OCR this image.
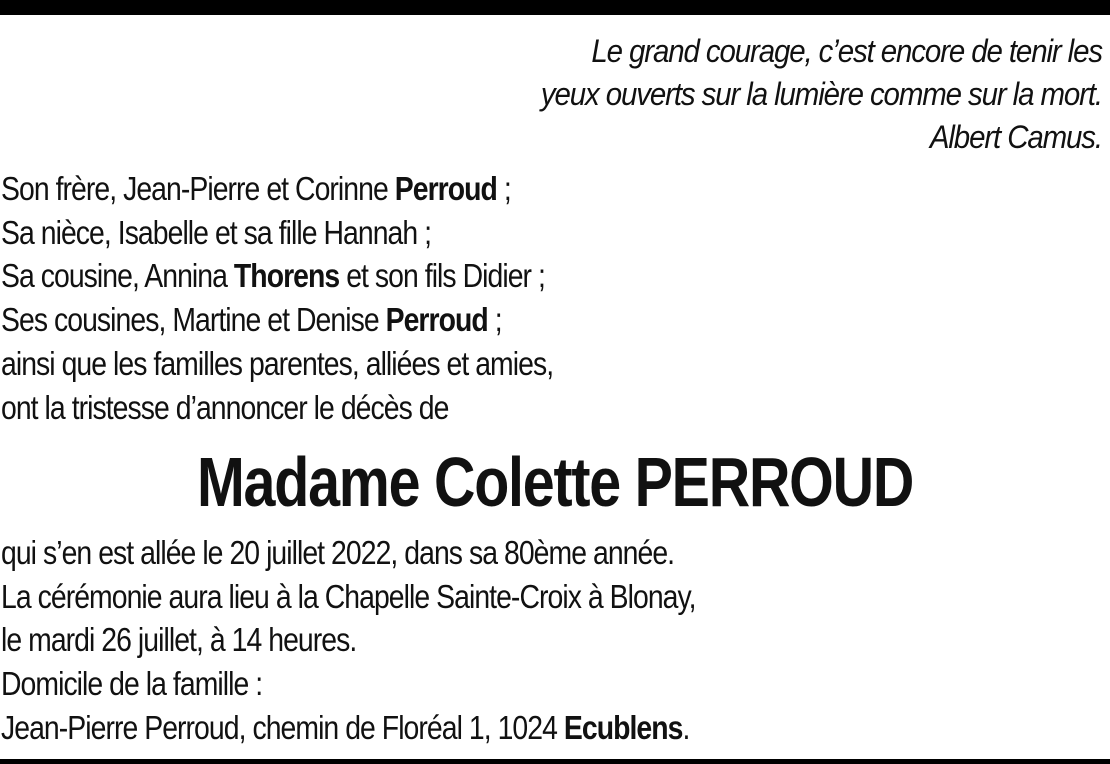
Le grand courage, c’est encore de tenir les
yeux ouverts sur la lumière comme sur la mort.
Albert Camus.
Son frère, Jean-Pierre et Corinne Perroud ;
Sa nièce, Isabelle et sa fille Hannah ;
Sa cousine, Annina Thorens et son fils Didier ;
Ses cousines, Martine et Denise Perroud ;
ainsi que les familles parentes, alliées et amies,
ont la tristesse d’annoncer le décès de
Madame Colette PERROUD
qui s’en est allée le 20 juillet 2022, dans sa 80ème année.
La cérémonie aura lieu à la Chapelle Sainte-Croix à Blonay,
le mardi 26 juillet, à 14 heures.
Domicile de la famille :
Jean-Pierre Perroud, chemin de Floréal 1, 1024 Ecublens.
